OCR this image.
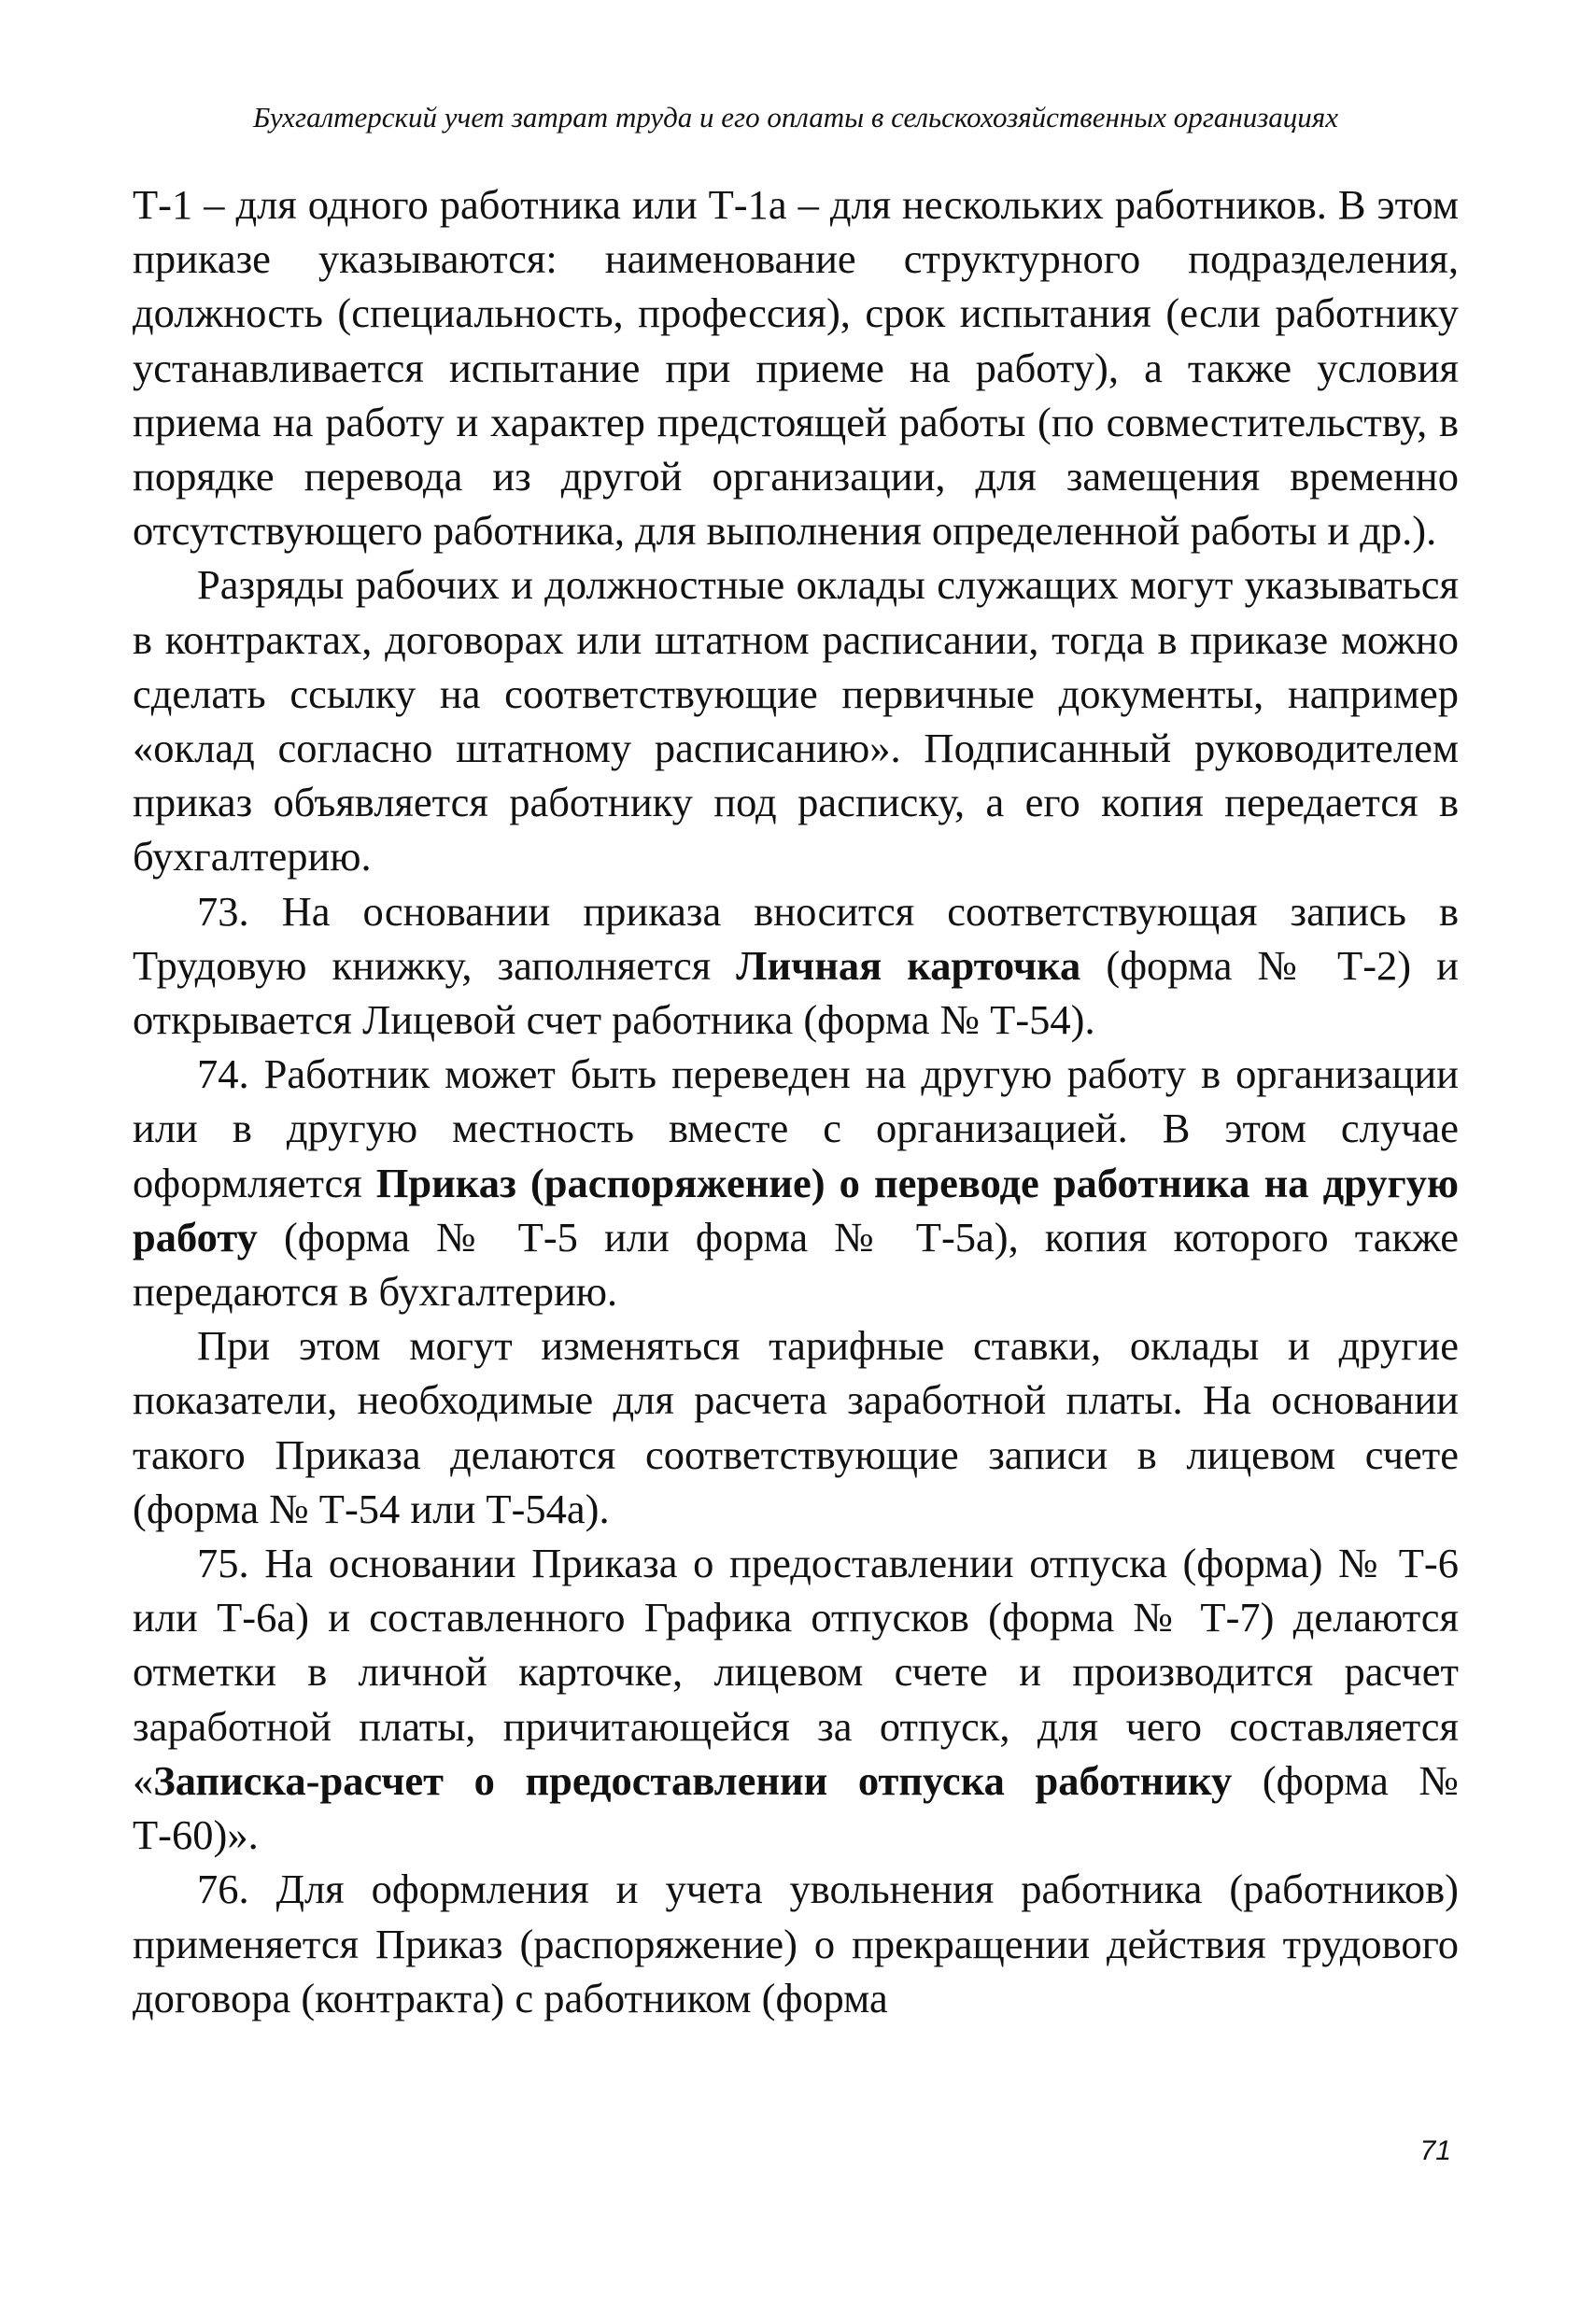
Бухгалтерский учет затрат труда и его оплаты в сельскохозяйственных организациях

Т-1 – для одного работника или Т-1а – для нескольких работников. В этом приказе указываются: наименование структурного подразделения, должность (специальность, профессия), срок испытания (если работнику устанавливается испытание при приеме на работу), а также условия приема на работу и характер предстоящей работы (по совместительству, в порядке перевода из другой организации, для замещения временно отсутствующего работника, для выполнения определенной работы и др.).

Разряды рабочих и должностные оклады служащих могут указываться в контрактах, договорах или штатном расписании, тогда в приказе можно сделать ссылку на соответствующие первичные документы, например «оклад согласно штатному расписанию». Подписанный руководителем приказ объявляется работнику под расписку, а его копия передается в бухгалтерию.

73. На основании приказа вносится соответствующая запись в Трудовую книжку, заполняется Личная карточка (форма № Т-2) и открывается Лицевой счет работника (форма № Т-54).

74. Работник может быть переведен на другую работу в организации или в другую местность вместе с организацией. В этом случае оформляется Приказ (распоряжение) о переводе работника на другую работу (форма № Т-5 или форма № Т-5а), копия которого также передаются в бухгалтерию.

При этом могут изменяться тарифные ставки, оклады и другие показатели, необходимые для расчета заработной платы. На основании такого Приказа делаются соответствующие записи в лицевом счете (форма № Т-54 или Т-54а).

75. На основании Приказа о предоставлении отпуска (форма) № Т-6 или Т-6а) и составленного Графика отпусков (форма № Т-7) делаются отметки в личной карточке, лицевом счете и производится расчет заработной платы, причитающейся за отпуск, для чего составляется «Записка-расчет о предоставлении отпуска работнику (форма № Т-60)».

76. Для оформления и учета увольнения работника (работников) применяется Приказ (распоряжение) о прекращении действия трудового договора (контракта) с работником (форма

71
